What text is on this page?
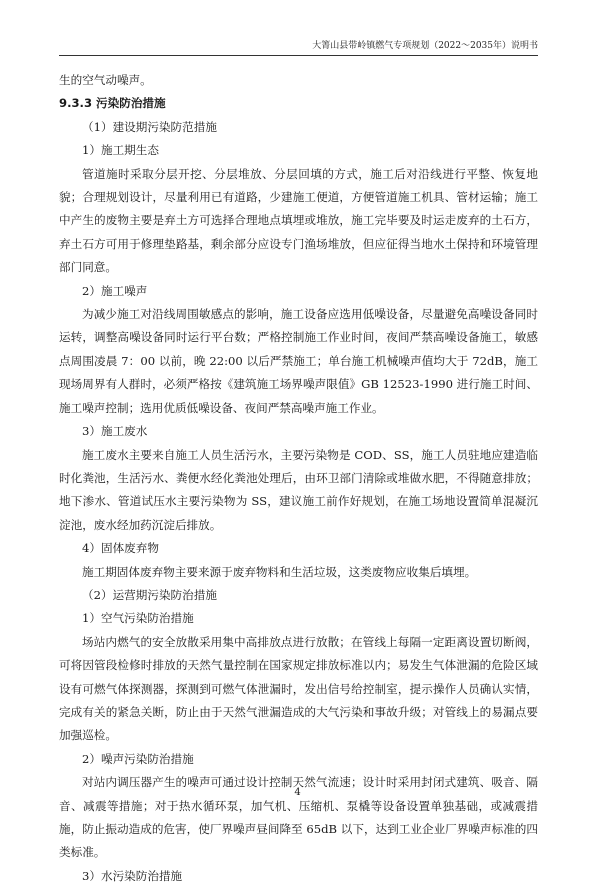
大箐山县带岭镇燃气专项规划（2022～2035年）说明书

生的空气动噪声。

9.3.3 污染防治措施

（1）建设期污染防范措施

1）施工期生态

管道施时采取分层开挖、分层堆放、分层回填的方式，施工后对沿线进行平整、恢复地貌；合理规划设计，尽量利用已有道路，少建施工便道，方便管道施工机具、管材运输；施工中产生的废物主要是弃土方可选择合理地点填埋或堆放，施工完毕要及时运走废弃的土石方，弃土石方可用于修理垫路基，剩余部分应设专门渔场堆放，但应征得当地水土保持和环境管理部门同意。

2）施工噪声

为减少施工对沿线周围敏感点的影响，施工设备应选用低噪设备，尽量避免高噪设备同时运转，调整高噪设备同时运行平台数；严格控制施工作业时间，夜间严禁高噪设备施工，敏感点周围凌晨 7：00 以前，晚 22:00 以后严禁施工；单台施工机械噪声值均大于 72dB，施工现场周界有人群时，必须严格按《建筑施工场界噪声限值》GB 12523-1990 进行施工时间、施工噪声控制；选用优质低噪设备、夜间严禁高噪声施工作业。

3）施工废水

施工废水主要来自施工人员生活污水，主要污染物是 COD、SS，施工人员驻地应建造临时化粪池，生活污水、粪便水经化粪池处理后，由环卫部门清除或堆做水肥，不得随意排放；地下渗水、管道试压水主要污染物为 SS，建议施工前作好规划，在施工场地设置简单混凝沉淀池，废水经加药沉淀后排放。

4）固体废弃物

施工期固体废弃物主要来源于废弃物料和生活垃圾，这类废物应收集后填埋。

（2）运营期污染防治措施

1）空气污染防治措施

场站内燃气的安全放散采用集中高排放点进行放散；在管线上每隔一定距离设置切断阀，可将因管段检修时排放的天然气量控制在国家规定排放标准以内；易发生气体泄漏的危险区域设有可燃气体探测器，探测到可燃气体泄漏时，发出信号给控制室，提示操作人员确认实情，完成有关的紧急关断，防止由于天然气泄漏造成的大气污染和事故升级；对管线上的易漏点要加强巡检。

2）噪声污染防治措施

对站内调压器产生的噪声可通过设计控制天然气流速；设计时采用封闭式建筑、吸音、隔音、减震等措施；对于热水循环泵，加气机、压缩机、泵橇等设备设置单独基础，或减震措施，防止振动造成的危害，使厂界噪声昼间降至 65dB 以下，达到工业企业厂界噪声标准的四类标准。

3）水污染防治措施

4
